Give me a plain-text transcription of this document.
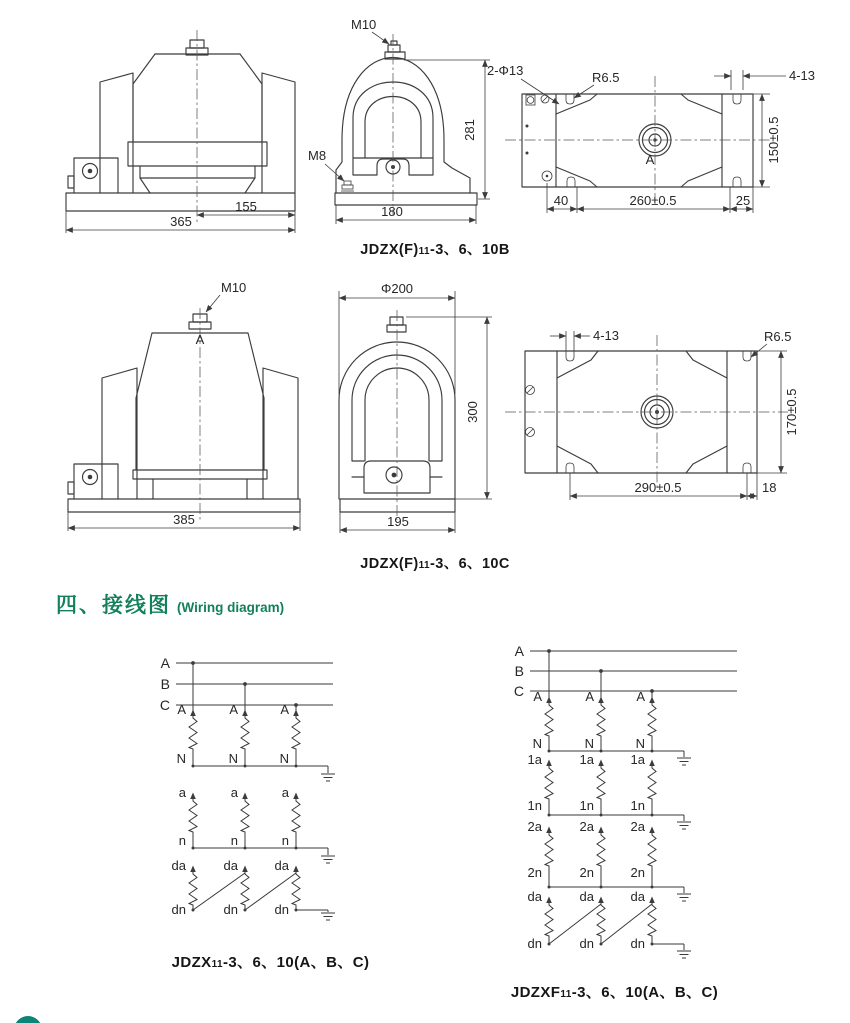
155
365
M10
M8
281
180
2-Φ13	R6.5	4-13
150±0.5
40	260±0.5	25
A
M10
A
385
Φ200
300
195
4-13	R6.5
170±0.5
290±0.5	18
A
B
C A	A	A
N	N	N
a	a	a
n	n	n
da	da	da
dn	dn	dn
A
B
C A	A	A
N	N	N
1a	1a	1a
1n	1n	1n
2a	2a	2a
2n	2n	2n
da	da	da
dn	dn	dn
JDZX(F)11-3、6、10B
JDZX(F)11-3、6、10C
JDZX11-3、6、10(A、B、C)
JDZXF11-3、6、10(A、B、C)
四、接线图 (Wiring diagram)
